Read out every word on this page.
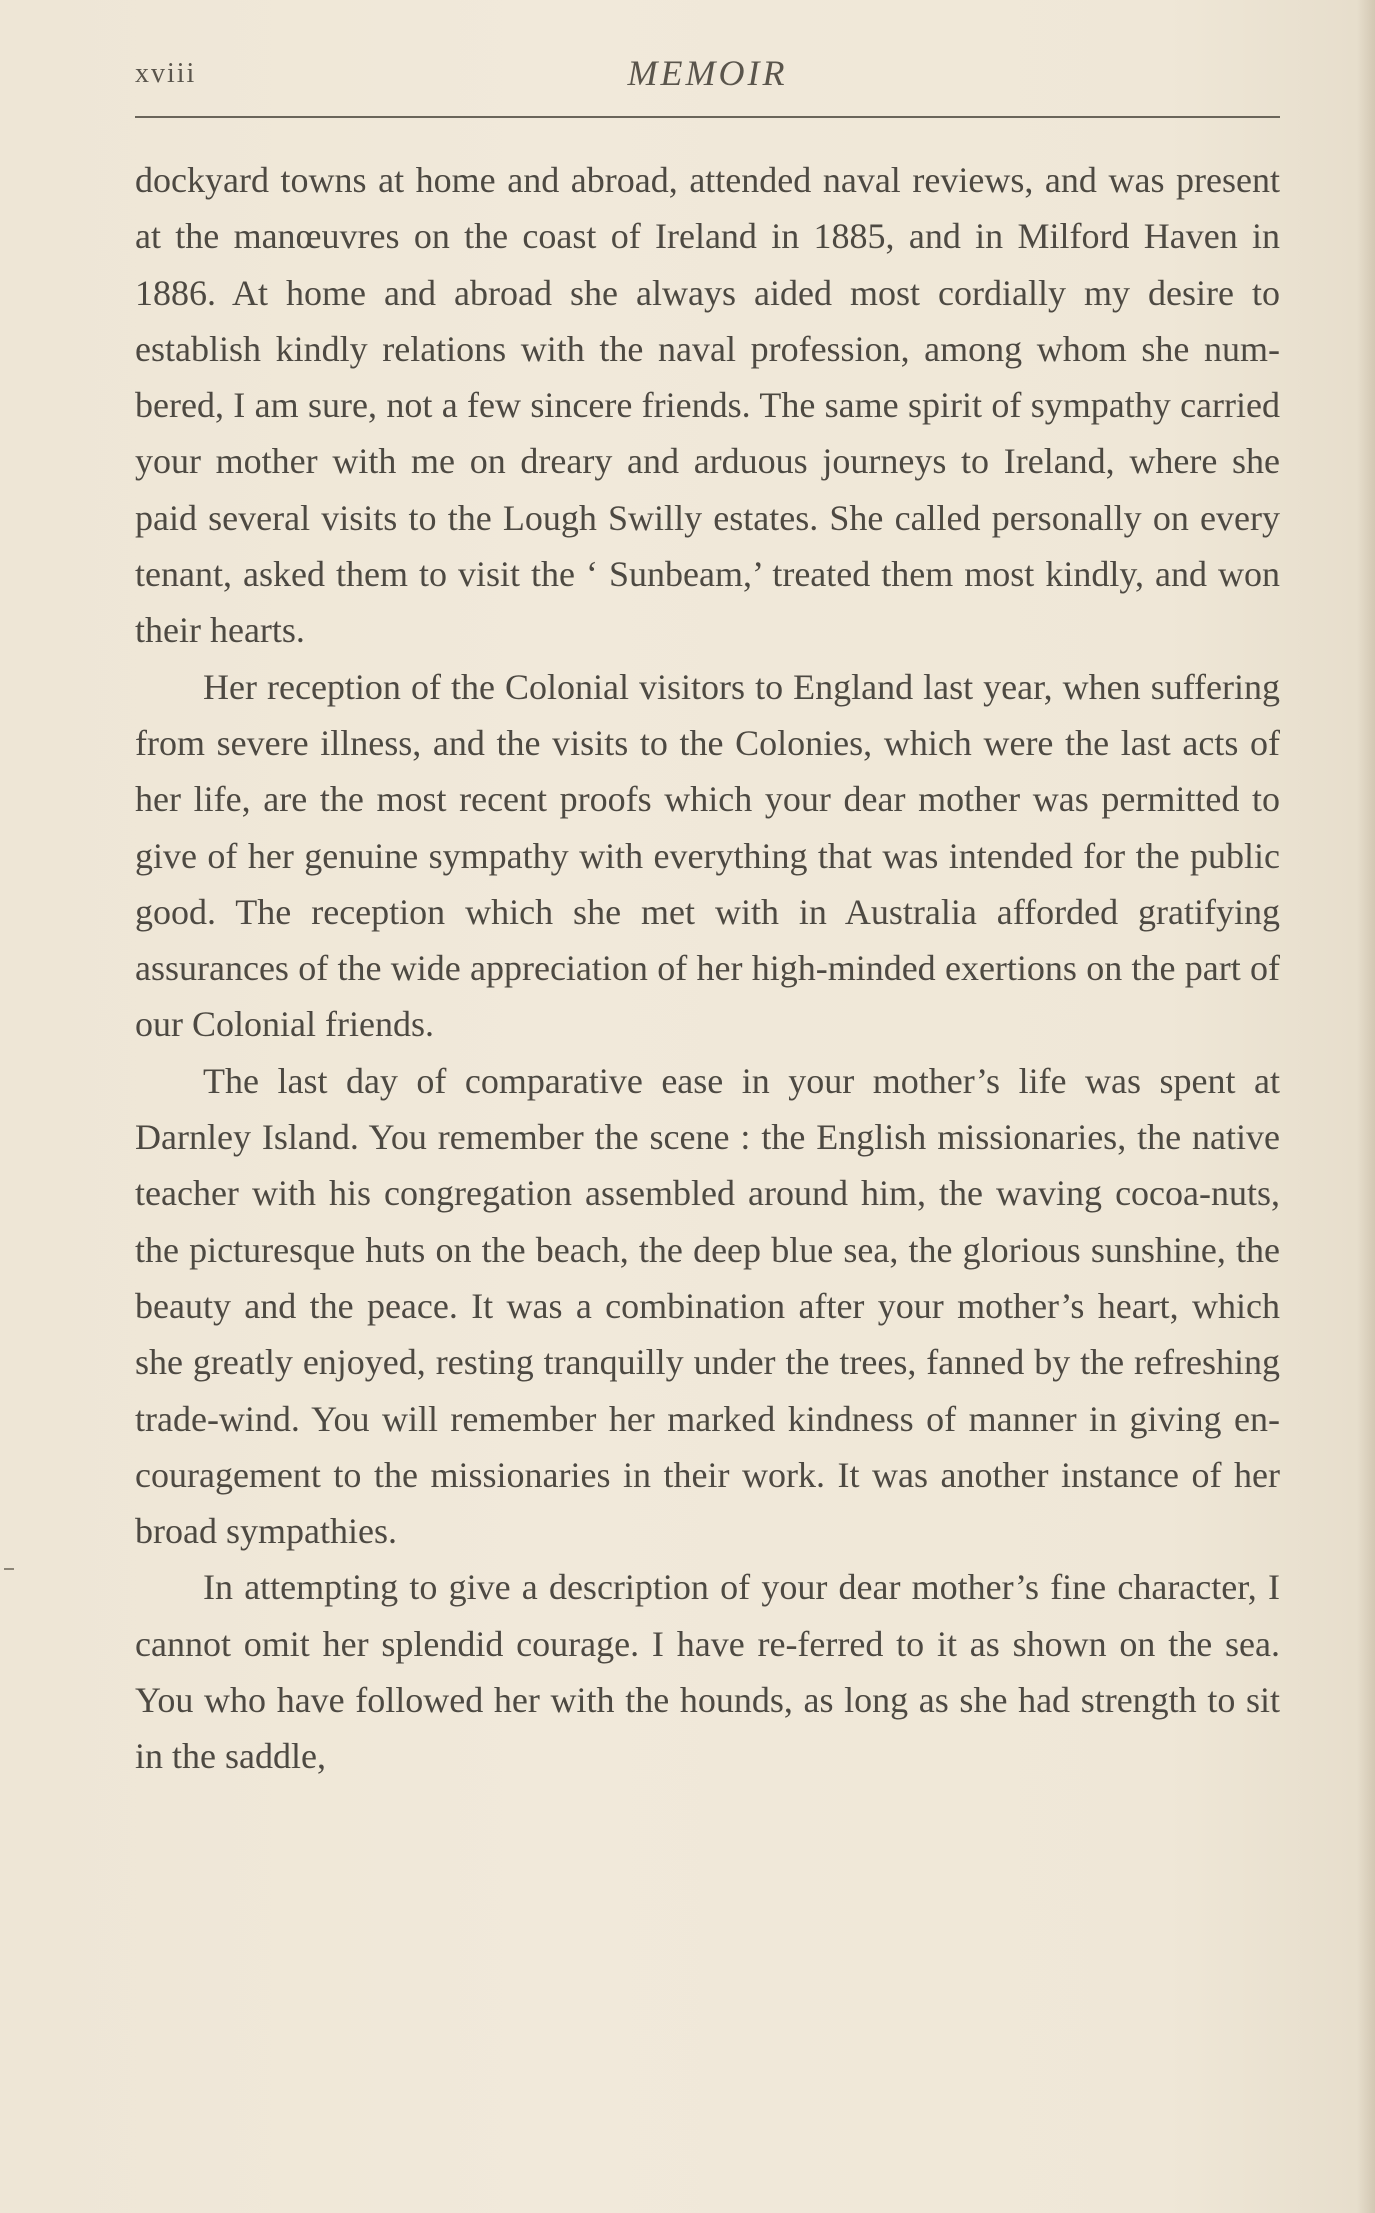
xviii	MEMOIR

dockyard towns at home and abroad, attended naval reviews, and was present at the manœuvres on the coast of Ireland in 1885, and in Milford Haven in 1886. At home and abroad she always aided most cordially my desire to establish kindly relations with the naval profession, among whom she num-bered, I am sure, not a few sincere friends. The same spirit of sympathy carried your mother with me on dreary and arduous journeys to Ireland, where she paid several visits to the Lough Swilly estates. She called personally on every tenant, asked them to visit the ‘ Sunbeam,’ treated them most kindly, and won their hearts.

Her reception of the Colonial visitors to England last year, when suffering from severe illness, and the visits to the Colonies, which were the last acts of her life, are the most recent proofs which your dear mother was permitted to give of her genuine sympathy with everything that was intended for the public good. The reception which she met with in Australia afforded gratifying assurances of the wide appreciation of her high-minded exertions on the part of our Colonial friends.

The last day of comparative ease in your mother’s life was spent at Darnley Island. You remember the scene : the English missionaries, the native teacher with his congregation assembled around him, the waving cocoa-nuts, the picturesque huts on the beach, the deep blue sea, the glorious sunshine, the beauty and the peace. It was a combination after your mother’s heart, which she greatly enjoyed, resting tranquilly under the trees, fanned by the refreshing trade-wind. You will remember her marked kindness of manner in giving en-couragement to the missionaries in their work. It was another instance of her broad sympathies.

In attempting to give a description of your dear mother’s fine character, I cannot omit her splendid courage. I have re-ferred to it as shown on the sea. You who have followed her with the hounds, as long as she had strength to sit in the saddle,
